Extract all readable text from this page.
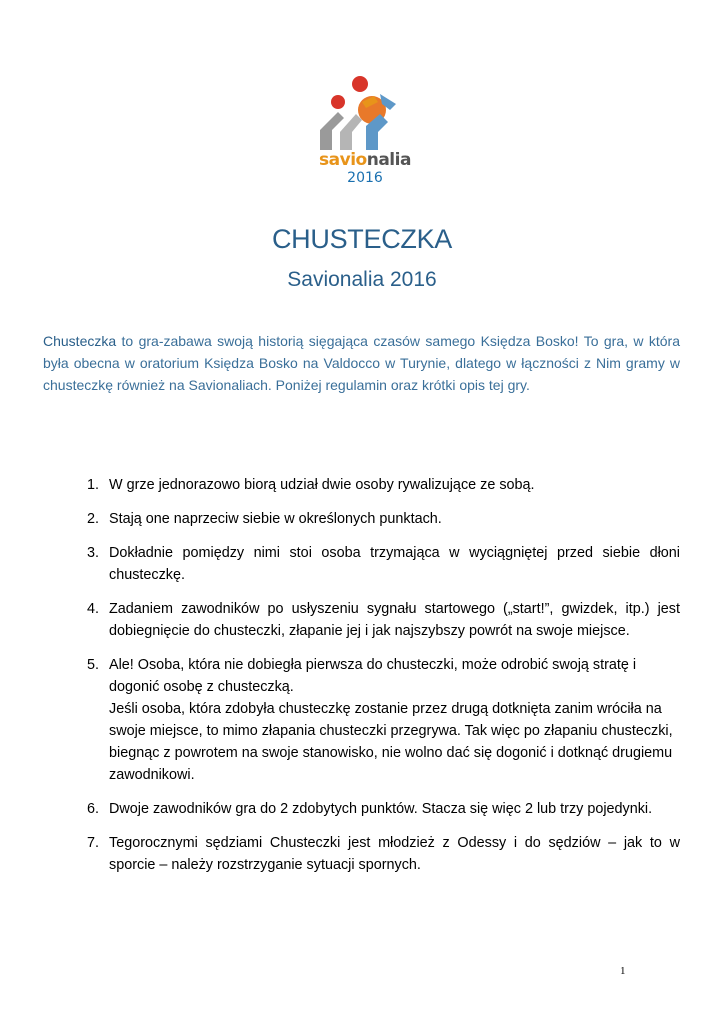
savionalia
2016
CHUSTECZKA
Savionalia 2016
Chusteczka to gra-zabawa swoją historią sięgająca czasów samego Księdza Bosko! To gra, w która była obecna w oratorium Księdza Bosko na Valdocco w Turynie, dlatego w łączności z Nim gramy w chusteczkę również na Savionaliach. Poniżej regulamin oraz krótki opis tej gry.
1. W grze jednorazowo biorą udział dwie osoby rywalizujące ze sobą.
2. Stają one naprzeciw siebie w określonych punktach.
3. Dokładnie pomiędzy nimi stoi osoba trzymająca w wyciągniętej przed siebie dłoni chusteczkę.
4. Zadaniem zawodników po usłyszeniu sygnału startowego („start!”, gwizdek, itp.) jest dobiegnięcie do chusteczki, złapanie jej i jak najszybszy powrót na swoje miejsce.
5. Ale! Osoba, która nie dobiegła pierwsza do chusteczki, może odrobić swoją stratę i dogonić osobę z chusteczką.
Jeśli osoba, która zdobyła chusteczkę zostanie przez drugą dotknięta zanim wróciła na swoje miejsce, to mimo złapania chusteczki przegrywa. Tak więc po złapaniu chusteczki, biegnąc z powrotem na swoje stanowisko, nie wolno dać się dogonić i dotknąć drugiemu zawodnikowi.
6. Dwoje zawodników gra do 2 zdobytych punktów. Stacza się więc 2 lub trzy pojedynki.
7. Tegorocznymi sędziami Chusteczki jest młodzież z Odessy i do sędziów – jak to w sporcie – należy rozstrzyganie sytuacji spornych.
1
